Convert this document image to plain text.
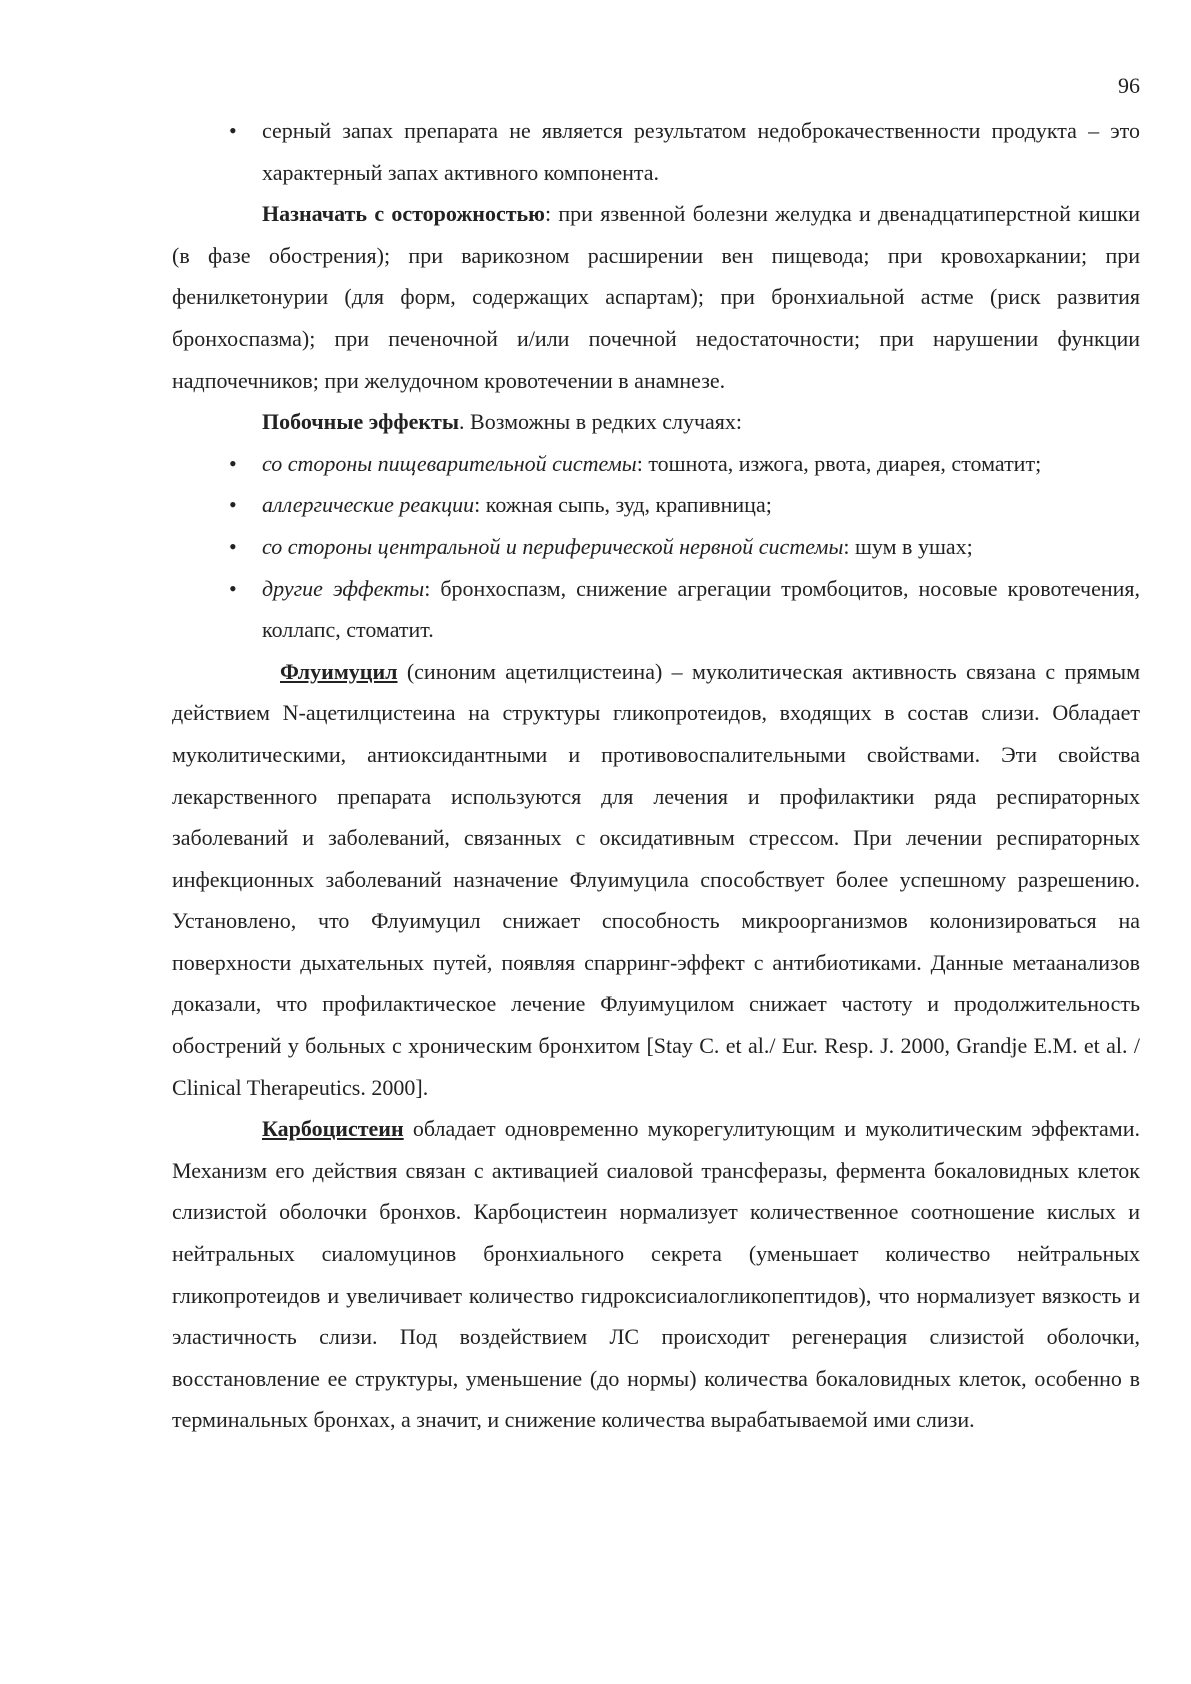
96
• серный запах препарата не является результатом недоброкачественности продукта – это характерный запах активного компонента.

Назначать с осторожностью: при язвенной болезни желудка и двенадцатиперстной кишки (в фазе обострения); при варикозном расширении вен пищевода; при кровохаркании; при фенилкетонурии (для форм, содержащих аспартам); при бронхиальной астме (риск развития бронхоспазма); при печеночной и/или почечной недостаточности; при нарушении функции надпочечников; при желудочном кровотечении в анамнезе.

Побочные эффекты. Возможны в редких случаях:

• со стороны пищеварительной системы: тошнота, изжога, рвота, диарея, стоматит;
• аллергические реакции: кожная сыпь, зуд, крапивница;
• со стороны центральной и периферической нервной системы: шум в ушах;
• другие эффекты: бронхоспазм, снижение агрегации тромбоцитов, носовые кровотечения, коллапс, стоматит.

Флуимуцил (синоним ацетилцистеина) – муколитическая активность связана с прямым действием N-ацетилцистеина на структуры гликопротеидов, входящих в состав слизи. Обладает муколитическими, антиоксидантными и противовоспалительными свойствами. Эти свойства лекарственного препарата используются для лечения и профилактики ряда респираторных заболеваний и заболеваний, связанных с оксидативным стрессом. При лечении респираторных инфекционных заболеваний назначение Флуимуцила способствует более успешному разрешению. Установлено, что Флуимуцил снижает способность микроорганизмов колонизироваться на поверхности дыхательных путей, появляя спарринг-эффект с антибиотиками. Данные метаанализов доказали, что профилактическое лечение Флуимуцилом снижает частоту и продолжительность обострений у больных с хроническим бронхитом [Stay C. et al./ Eur. Resp. J. 2000, Grandje E.M. et al. / Clinical Therapeutics. 2000].

Карбоцистеин обладает одновременно мукорегулитующим и муколитическим эффектами. Механизм его действия связан с активацией сиаловой трансферазы, фермента бокаловидных клеток слизистой оболочки бронхов. Карбоцистеин нормализует количественное соотношение кислых и нейтральных сиаломуцинов бронхиального секрета (уменьшает количество нейтральных гликопротеидов и увеличивает количество гидроксисиалогликопептидов), что нормализует вязкость и эластичность слизи. Под воздействием ЛС происходит регенерация слизистой оболочки, восстановление ее структуры, уменьшение (до нормы) количества бокаловидных клеток, особенно в терминальных бронхах, а значит, и снижение количества вырабатываемой ими слизи.
